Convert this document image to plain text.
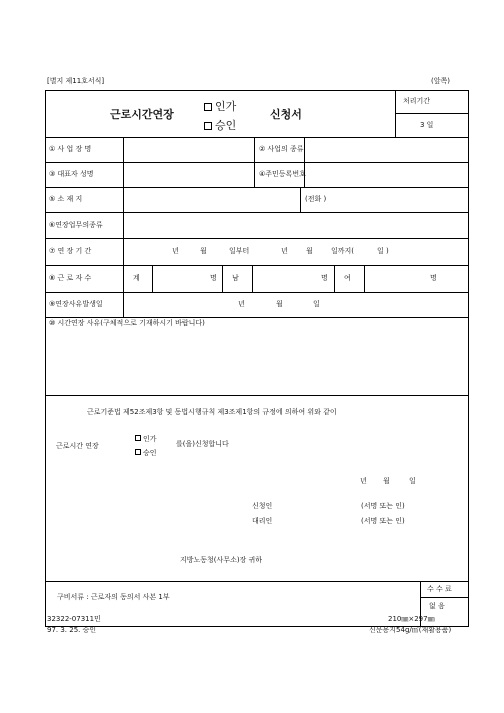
[별지 제11호서식]	(앞쪽)
근로시간연장
인가
승인
신청서
처리기간
3 일
① 사 업 장 명	② 사업의 종류
③ 대표자 성명	④주민등록번호
⑤ 소 재 지	(전화 )
⑥연장업무의종류
⑦ 연 장 기 간	년	월	일부터	년	월	일까지(	일 )
⑧ 근 로 자 수	계	명 남	명 여	명
⑨연장사유발생일	년	월	일
⑩ 시간연장 사유(구체적으로 기재하시기 바랍니다)
근로기준법 제52조제3항 및 동법시행규칙 제3조제1항의 규정에 의하여 위와 같이
근로시간 연장
인가
승인
를(을)신청합니다
년 월	일
신청인	(서명 또는 인)
대리인	(서명 또는 인)
지방노동청(사무소)장 귀하
구비서류 : 근로자의 동의서 사본 1부
수 수 료
없 음
32322-07311민
97. 3. 25. 승인
210㎜×297㎜
신문용지54g/㎡(재활용품)
